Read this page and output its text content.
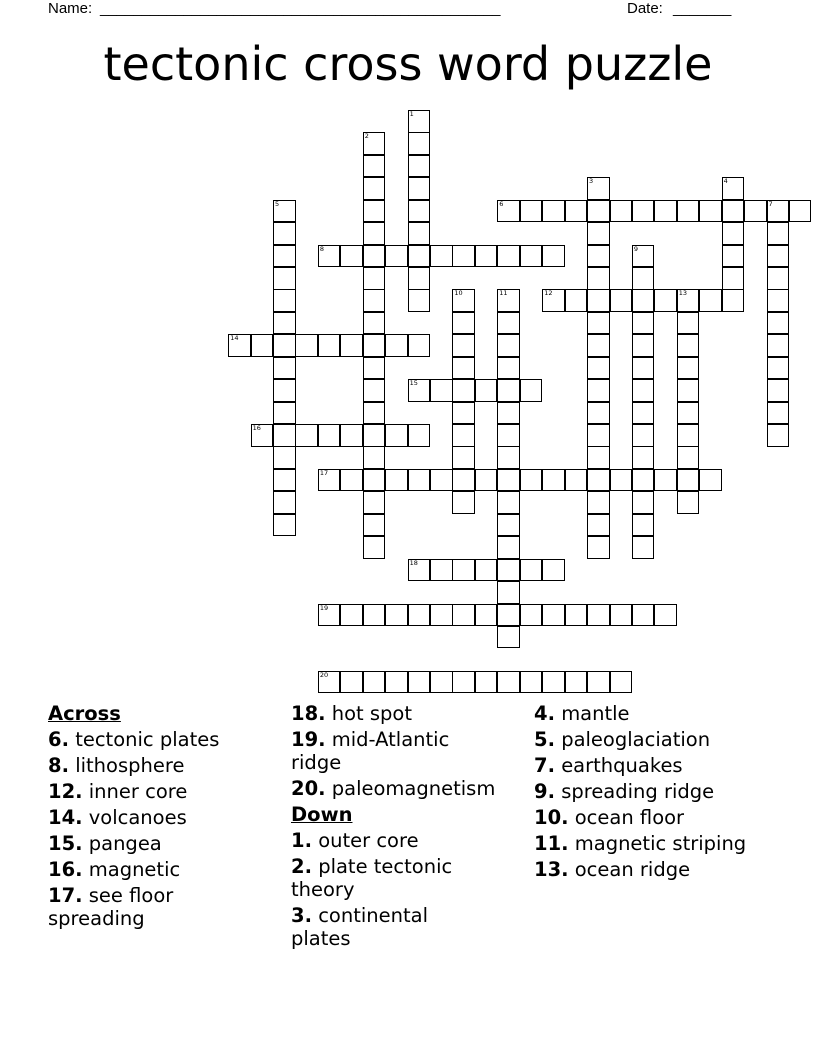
Name: ________________________________________________	Date: _______
tectonic cross word puzzle
1
2
3	4
5	6	7
8	9
10	11	12	13
14
15
16
17
18
19
20
Across
6. tectonic plates
8. lithosphere
12. inner core
14. volcanoes
15. pangea
16. magnetic
17. see floor spreading
18. hot spot
19. mid-Atlantic ridge
20. paleomagnetism
Down
1. outer core
2. plate tectonic theory
3. continental plates
4. mantle
5. paleoglaciation
7. earthquakes
9. spreading ridge
10. ocean floor
11. magnetic striping
13. ocean ridge
